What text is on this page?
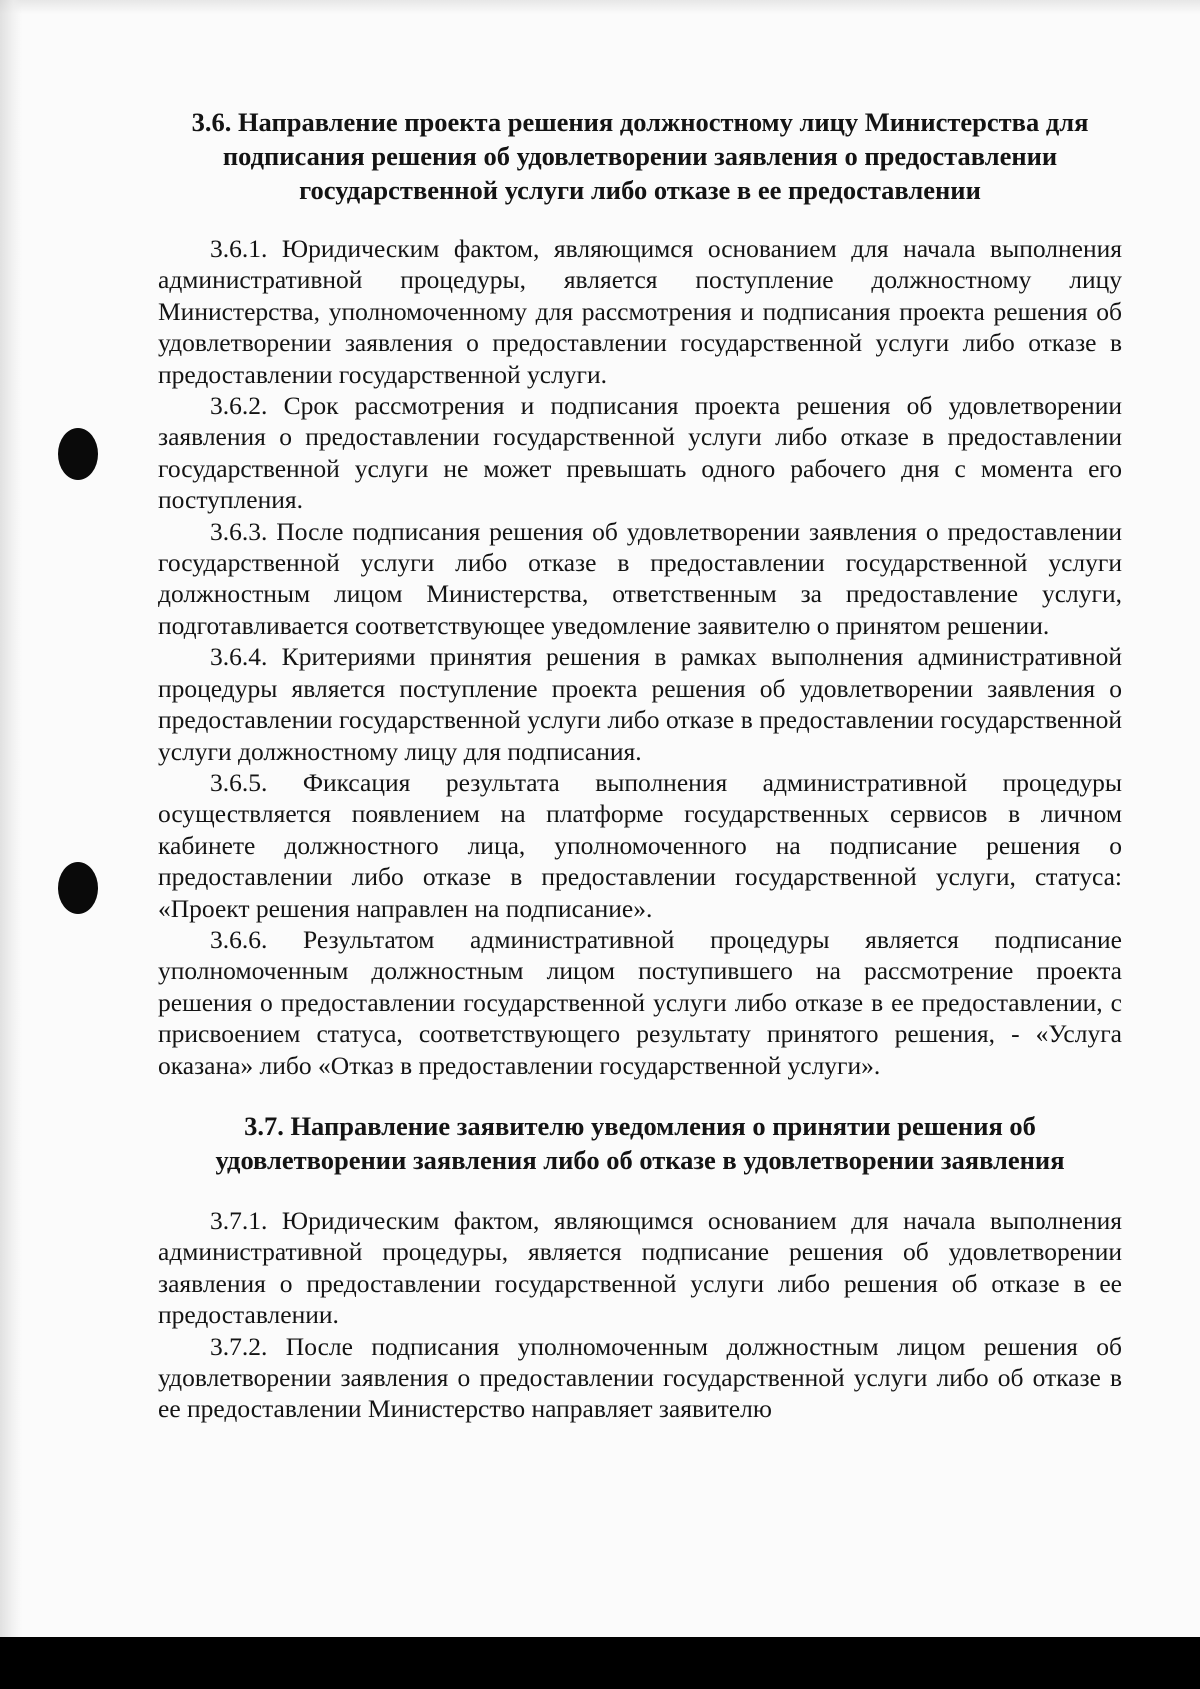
3.6. Направление проекта решения должностному лицу Министерства для
подписания решения об удовлетворении заявления о предоставлении
государственной услуги либо отказе в ее предоставлении

3.6.1. Юридическим фактом, являющимся основанием для начала выполнения административной процедуры, является поступление должностному лицу Министерства, уполномоченному для рассмотрения и подписания проекта решения об удовлетворении заявления о предоставлении государственной услуги либо отказе в предоставлении государственной услуги.

3.6.2. Срок рассмотрения и подписания проекта решения об удовлетворении заявления о предоставлении государственной услуги либо отказе в предоставлении государственной услуги не может превышать одного рабочего дня с момента его поступления.

3.6.3. После подписания решения об удовлетворении заявления о предоставлении государственной услуги либо отказе в предоставлении государственной услуги должностным лицом Министерства, ответственным за предоставление услуги, подготавливается соответствующее уведомление заявителю о принятом решении.

3.6.4. Критериями принятия решения в рамках выполнения административной процедуры является поступление проекта решения об удовлетворении заявления о предоставлении государственной услуги либо отказе в предоставлении государственной услуги должностному лицу для подписания.

3.6.5. Фиксация результата выполнения административной процедуры осуществляется появлением на платформе государственных сервисов в личном кабинете должностного лица, уполномоченного на подписание решения о предоставлении либо отказе в предоставлении государственной услуги, статуса: «Проект решения направлен на подписание».

3.6.6. Результатом административной процедуры является подписание уполномоченным должностным лицом поступившего на рассмотрение проекта решения о предоставлении государственной услуги либо отказе в ее предоставлении, с присвоением статуса, соответствующего результату принятого решения, - «Услуга оказана» либо «Отказ в предоставлении государственной услуги».

3.7. Направление заявителю уведомления о принятии решения об
удовлетворении заявления либо об отказе в удовлетворении заявления

3.7.1. Юридическим фактом, являющимся основанием для начала выполнения административной процедуры, является подписание решения об удовлетворении заявления о предоставлении государственной услуги либо решения об отказе в ее предоставлении.

3.7.2. После подписания уполномоченным должностным лицом решения об удовлетворении заявления о предоставлении государственной услуги либо об отказе в ее предоставлении Министерство направляет заявителю
